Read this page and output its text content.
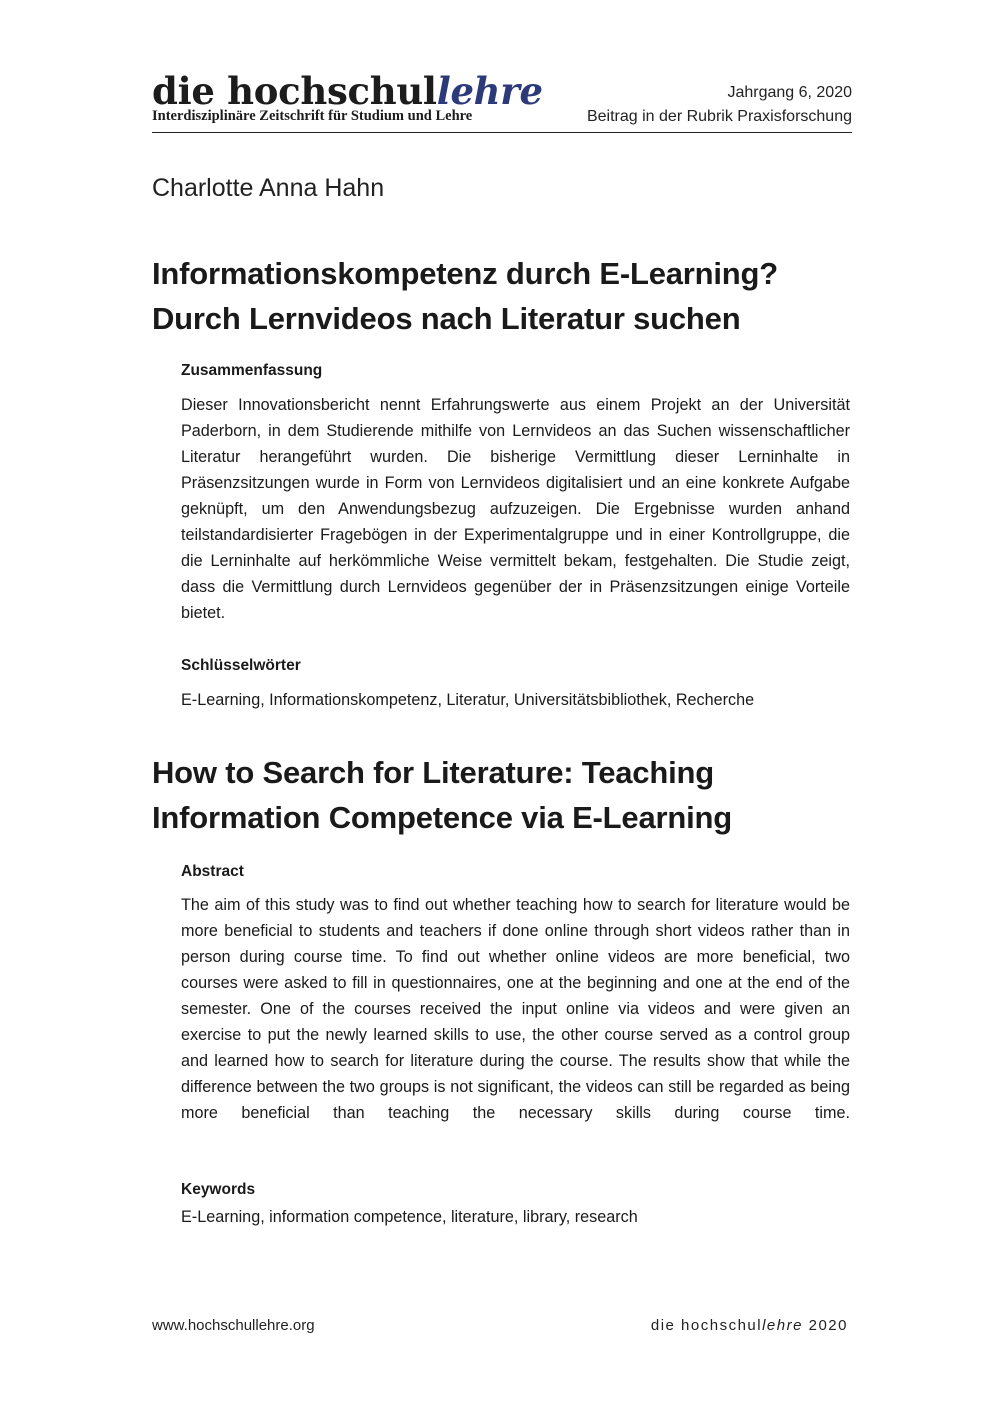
die hochschullehre
Interdisziplinäre Zeitschrift für Studium und Lehre
Jahrgang 6, 2020
Beitrag in der Rubrik Praxisforschung
Charlotte Anna Hahn
Informationskompetenz durch E-Learning?
Durch Lernvideos nach Literatur suchen
Zusammenfassung
Dieser Innovationsbericht nennt Erfahrungswerte aus einem Projekt an der Universität Paderborn, in dem Studierende mithilfe von Lernvideos an das Suchen wissenschaftlicher Literatur herangeführt wurden. Die bisherige Vermittlung dieser Lerninhalte in Präsenzsitzungen wurde in Form von Lernvideos digitalisiert und an eine konkrete Aufgabe geknüpft, um den Anwendungsbezug aufzuzeigen. Die Ergebnisse wurden anhand teilstandardisierter Fragebögen in der Experimentalgruppe und in einer Kontrollgruppe, die die Lerninhalte auf herkömmliche Weise vermittelt bekam, festgehalten. Die Studie zeigt, dass die Vermittlung durch Lernvideos gegenüber der in Präsenzsitzungen einige Vorteile bietet.
Schlüsselwörter
E-Learning, Informationskompetenz, Literatur, Universitätsbibliothek, Recherche
How to Search for Literature: Teaching
Information Competence via E-Learning
Abstract
The aim of this study was to find out whether teaching how to search for literature would be more beneficial to students and teachers if done online through short videos rather than in person during course time. To find out whether online videos are more beneficial, two courses were asked to fill in questionnaires, one at the beginning and one at the end of the semester. One of the courses received the input online via videos and were given an exercise to put the newly learned skills to use, the other course served as a control group and learned how to search for literature during the course. The results show that while the difference between the two groups is not significant, the videos can still be regarded as being more beneficial than teaching the necessary skills during course time.
Keywords
E-Learning, information competence, literature, library, research
www.hochschullehre.org	die hochschullehre 2020
